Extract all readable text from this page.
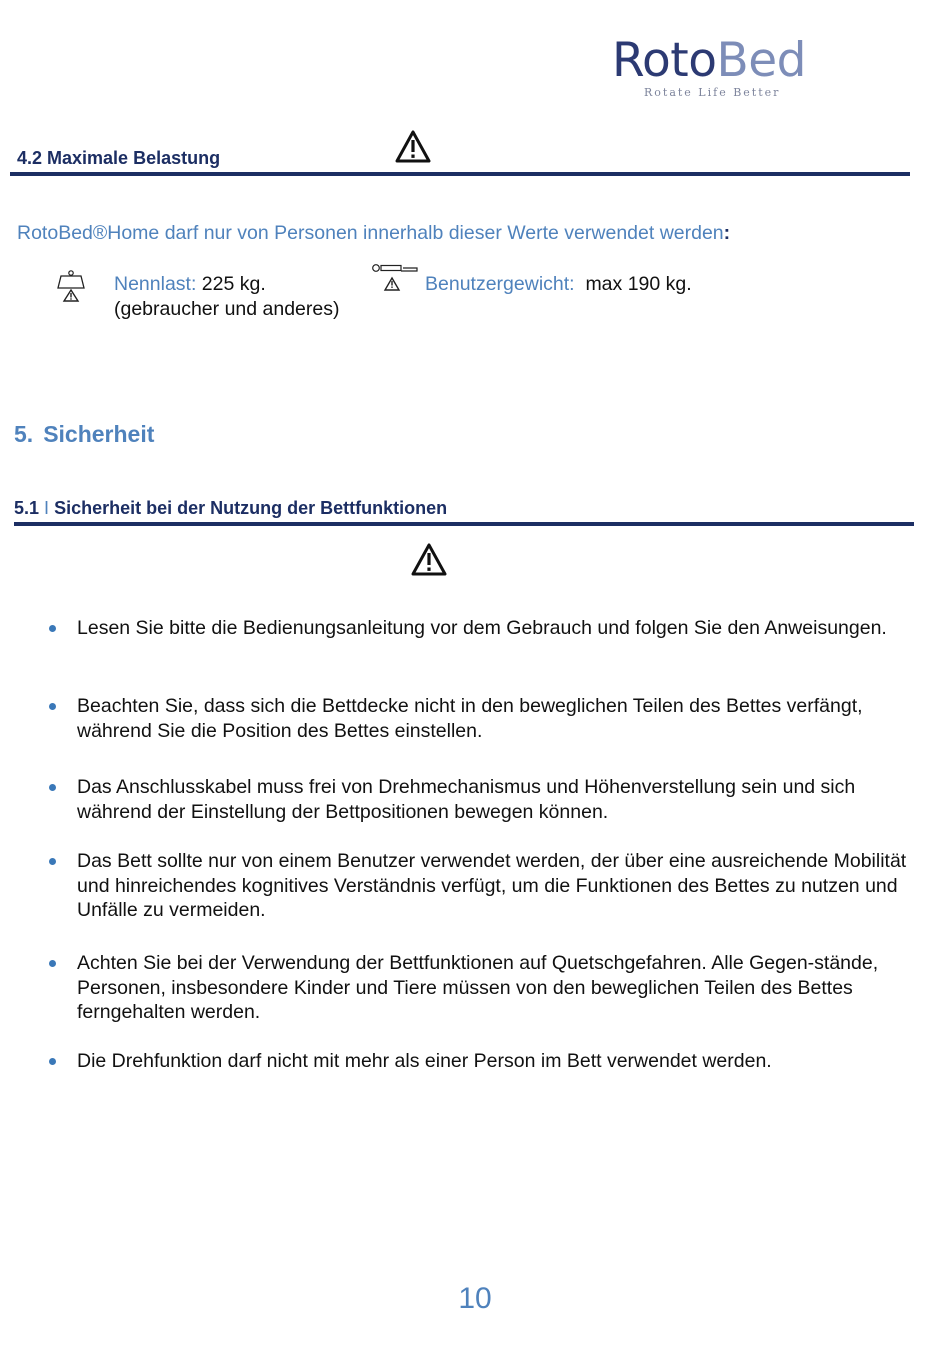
RotoBed
Rotate Life Better
4.2 Maximale Belastung
RotoBed®Home darf nur von Personen innerhalb dieser Werte verwendet werden:
Nennlast: 225 kg.
(gebraucher und anderes)
Benutzergewicht: max 190 kg.
5. Sicherheit
5.1 I Sicherheit bei der Nutzung der Bettfunktionen
Lesen Sie bitte die Bedienungsanleitung vor dem Gebrauch und folgen Sie den Anweisungen.
Beachten Sie, dass sich die Bettdecke nicht in den beweglichen Teilen des Bettes verfängt, während Sie die Position des Bettes einstellen.
Das Anschlusskabel muss frei von Drehmechanismus und Höhenverstellung sein und sich während der Einstellung der Bettpositionen bewegen können.
Das Bett sollte nur von einem Benutzer verwendet werden, der über eine ausreichende Mobilität und hinreichendes kognitives Verständnis verfügt, um die Funktionen des Bettes zu nutzen und Unfälle zu vermeiden.
Achten Sie bei der Verwendung der Bettfunktionen auf Quetschgefahren. Alle Gegen-stände, Personen, insbesondere Kinder und Tiere müssen von den beweglichen Teilen des Bettes ferngehalten werden.
Die Drehfunktion darf nicht mit mehr als einer Person im Bett verwendet werden.
10
